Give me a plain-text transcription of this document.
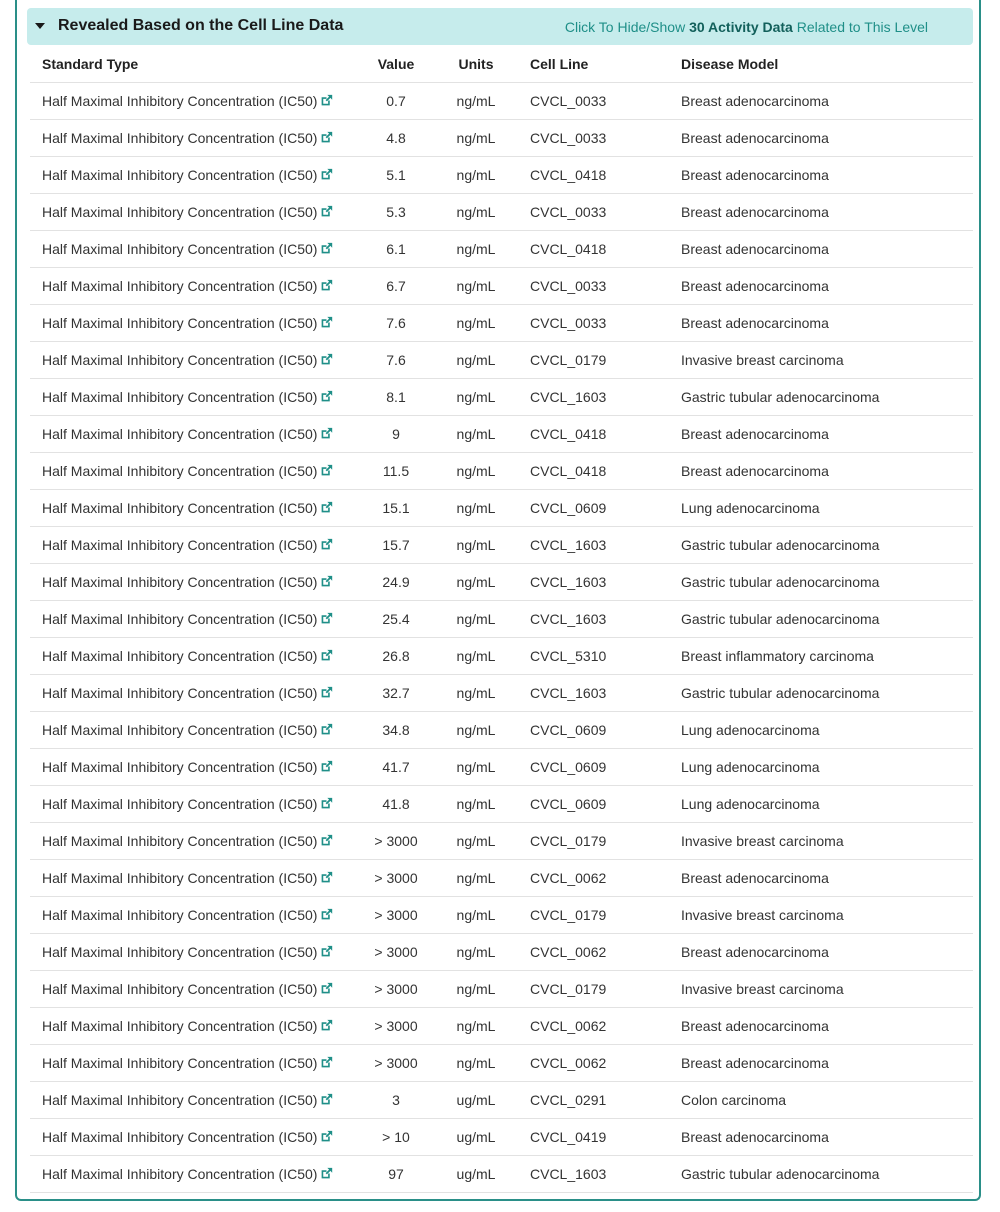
Revealed Based on the Cell Line Data	Click To Hide/Show 30 Activity Data Related to This Level
Standard Type	Value	Units	Cell Line	Disease Model
Half Maximal Inhibitory Concentration (IC50)	0.7	ng/mL	CVCL_0033	Breast adenocarcinoma
Half Maximal Inhibitory Concentration (IC50)	4.8	ng/mL	CVCL_0033	Breast adenocarcinoma
Half Maximal Inhibitory Concentration (IC50)	5.1	ng/mL	CVCL_0418	Breast adenocarcinoma
Half Maximal Inhibitory Concentration (IC50)	5.3	ng/mL	CVCL_0033	Breast adenocarcinoma
Half Maximal Inhibitory Concentration (IC50)	6.1	ng/mL	CVCL_0418	Breast adenocarcinoma
Half Maximal Inhibitory Concentration (IC50)	6.7	ng/mL	CVCL_0033	Breast adenocarcinoma
Half Maximal Inhibitory Concentration (IC50)	7.6	ng/mL	CVCL_0033	Breast adenocarcinoma
Half Maximal Inhibitory Concentration (IC50)	7.6	ng/mL	CVCL_0179	Invasive breast carcinoma
Half Maximal Inhibitory Concentration (IC50)	8.1	ng/mL	CVCL_1603	Gastric tubular adenocarcinoma
Half Maximal Inhibitory Concentration (IC50)	9	ng/mL	CVCL_0418	Breast adenocarcinoma
Half Maximal Inhibitory Concentration (IC50)	11.5	ng/mL	CVCL_0418	Breast adenocarcinoma
Half Maximal Inhibitory Concentration (IC50)	15.1	ng/mL	CVCL_0609	Lung adenocarcinoma
Half Maximal Inhibitory Concentration (IC50)	15.7	ng/mL	CVCL_1603	Gastric tubular adenocarcinoma
Half Maximal Inhibitory Concentration (IC50)	24.9	ng/mL	CVCL_1603	Gastric tubular adenocarcinoma
Half Maximal Inhibitory Concentration (IC50)	25.4	ng/mL	CVCL_1603	Gastric tubular adenocarcinoma
Half Maximal Inhibitory Concentration (IC50)	26.8	ng/mL	CVCL_5310	Breast inflammatory carcinoma
Half Maximal Inhibitory Concentration (IC50)	32.7	ng/mL	CVCL_1603	Gastric tubular adenocarcinoma
Half Maximal Inhibitory Concentration (IC50)	34.8	ng/mL	CVCL_0609	Lung adenocarcinoma
Half Maximal Inhibitory Concentration (IC50)	41.7	ng/mL	CVCL_0609	Lung adenocarcinoma
Half Maximal Inhibitory Concentration (IC50)	41.8	ng/mL	CVCL_0609	Lung adenocarcinoma
Half Maximal Inhibitory Concentration (IC50)	> 3000	ng/mL	CVCL_0179	Invasive breast carcinoma
Half Maximal Inhibitory Concentration (IC50)	> 3000	ng/mL	CVCL_0062	Breast adenocarcinoma
Half Maximal Inhibitory Concentration (IC50)	> 3000	ng/mL	CVCL_0179	Invasive breast carcinoma
Half Maximal Inhibitory Concentration (IC50)	> 3000	ng/mL	CVCL_0062	Breast adenocarcinoma
Half Maximal Inhibitory Concentration (IC50)	> 3000	ng/mL	CVCL_0179	Invasive breast carcinoma
Half Maximal Inhibitory Concentration (IC50)	> 3000	ng/mL	CVCL_0062	Breast adenocarcinoma
Half Maximal Inhibitory Concentration (IC50)	> 3000	ng/mL	CVCL_0062	Breast adenocarcinoma
Half Maximal Inhibitory Concentration (IC50)	3	ug/mL	CVCL_0291	Colon carcinoma
Half Maximal Inhibitory Concentration (IC50)	> 10	ug/mL	CVCL_0419	Breast adenocarcinoma
Half Maximal Inhibitory Concentration (IC50)	97	ug/mL	CVCL_1603	Gastric tubular adenocarcinoma
